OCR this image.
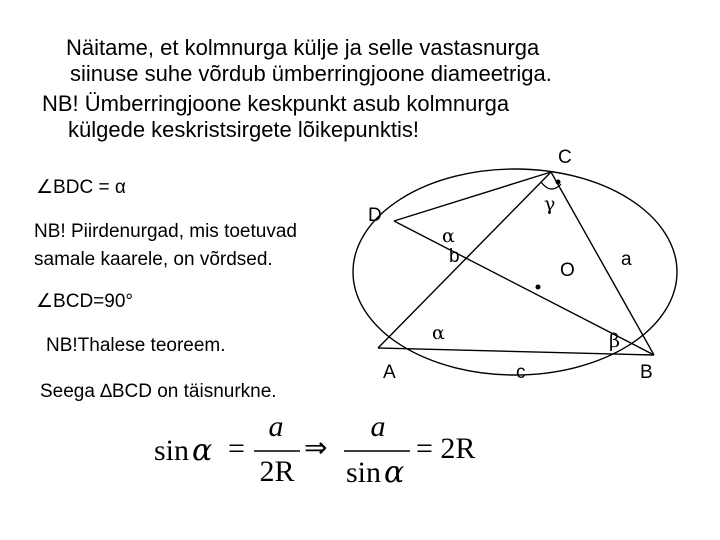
Näitame, et kolmnurga külje ja selle vastasnurga
siinuse suhe võrdub ümberringjoone diameetriga.
NB! Ümberringjoone keskpunkt asub kolmnurga
külgede keskristsirgete lõikepunktis!
∠BDC = α
NB! Piirdenurgad, mis toetuvad
samale kaarele, on võrdsed.
∠BCD=90°
NB!Thalese teoreem.
Seega ∆BCD on täisnurkne.
C
D
γ
α
b
O
a
α	β
A	c	B
sin α =
a
2R
⇒
a
sin α
= 2R
